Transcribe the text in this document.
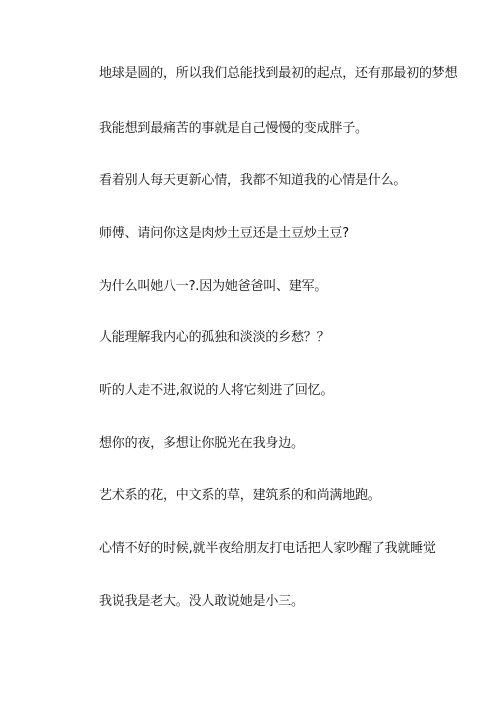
地球是圆的，所以我们总能找到最初的起点，还有那最初的梦想

我能想到最痛苦的事就是自己慢慢的变成胖子。

看着别人每天更新心情，我都不知道我的心情是什么。

师傅、请问你这是肉炒土豆还是土豆炒土豆?

为什么叫她八一?.因为她爸爸叫、建军。

人能理解我内心的孤独和淡淡的乡愁？？

听的人走不进,叙说的人将它刻进了回忆。

想你的夜，多想让你脱光在我身边。

艺术系的花，中文系的草，建筑系的和尚满地跑。

心情不好的时候,就半夜给朋友打电话把人家吵醒了我就睡觉

我说我是老大。没人敢说她是小三。
